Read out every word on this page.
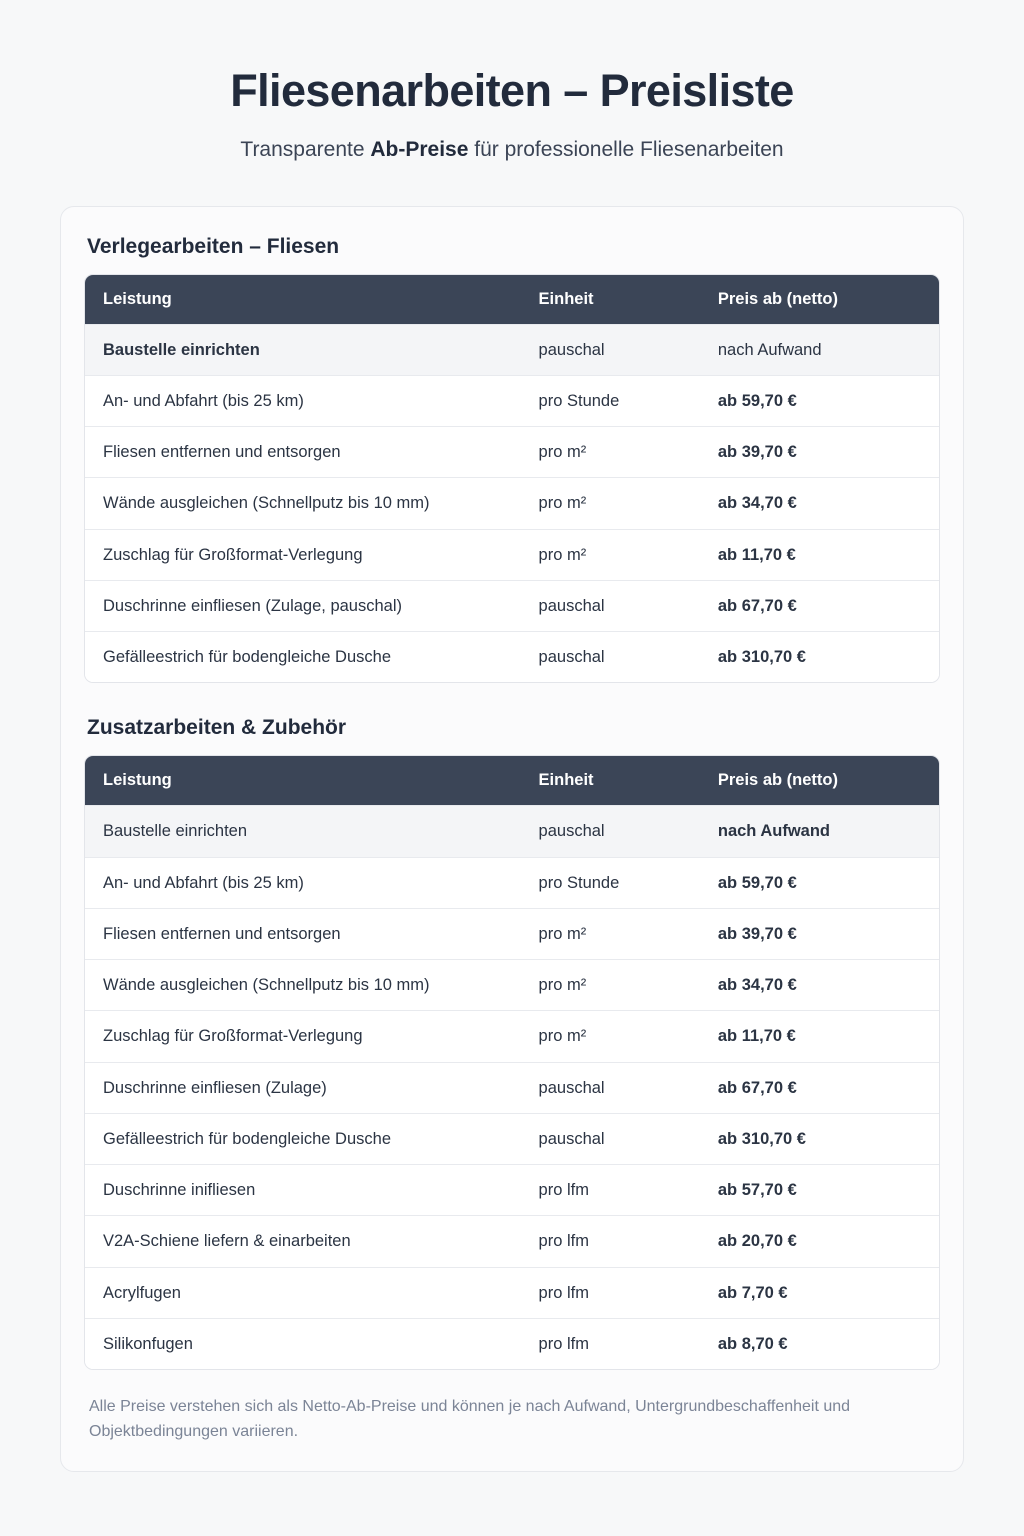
Fliesenarbeiten – Preisliste

Transparente Ab-Preise für professionelle Fliesenarbeiten

Verlegearbeiten – Fliesen
Leistung	Einheit	Preis ab (netto)
Baustelle einrichten	pauschal	nach Aufwand
An- und Abfahrt (bis 25 km)	pro Stunde	ab 59,70 €
Fliesen entfernen und entsorgen	pro m²	ab 39,70 €
Wände ausgleichen (Schnellputz bis 10 mm)	pro m²	ab 34,70 €
Zuschlag für Großformat-Verlegung	pro m²	ab 11,70 €
Duschrinne einfliesen (Zulage, pauschal)	pauschal	ab 67,70 €
Gefälleestrich für bodengleiche Dusche	pauschal	ab 310,70 €
Zusatzarbeiten & Zubehör
Leistung	Einheit	Preis ab (netto)
Baustelle einrichten	pauschal	nach Aufwand
An- und Abfahrt (bis 25 km)	pro Stunde	ab 59,70 €
Fliesen entfernen und entsorgen	pro m²	ab 39,70 €
Wände ausgleichen (Schnellputz bis 10 mm)	pro m²	ab 34,70 €
Zuschlag für Großformat-Verlegung	pro m²	ab 11,70 €
Duschrinne einfliesen (Zulage)	pauschal	ab 67,70 €
Gefälleestrich für bodengleiche Dusche	pauschal	ab 310,70 €
Duschrinne inifliesen	pro lfm	ab 57,70 €
V2A-Schiene liefern & einarbeiten	pro lfm	ab 20,70 €
Acrylfugen	pro lfm	ab 7,70 €
Silikonfugen	pro lfm	ab 8,70 €

Alle Preise verstehen sich als Netto-Ab-Preise und können je nach Aufwand, Untergrundbeschaffenheit und Objektbedingungen variieren.
